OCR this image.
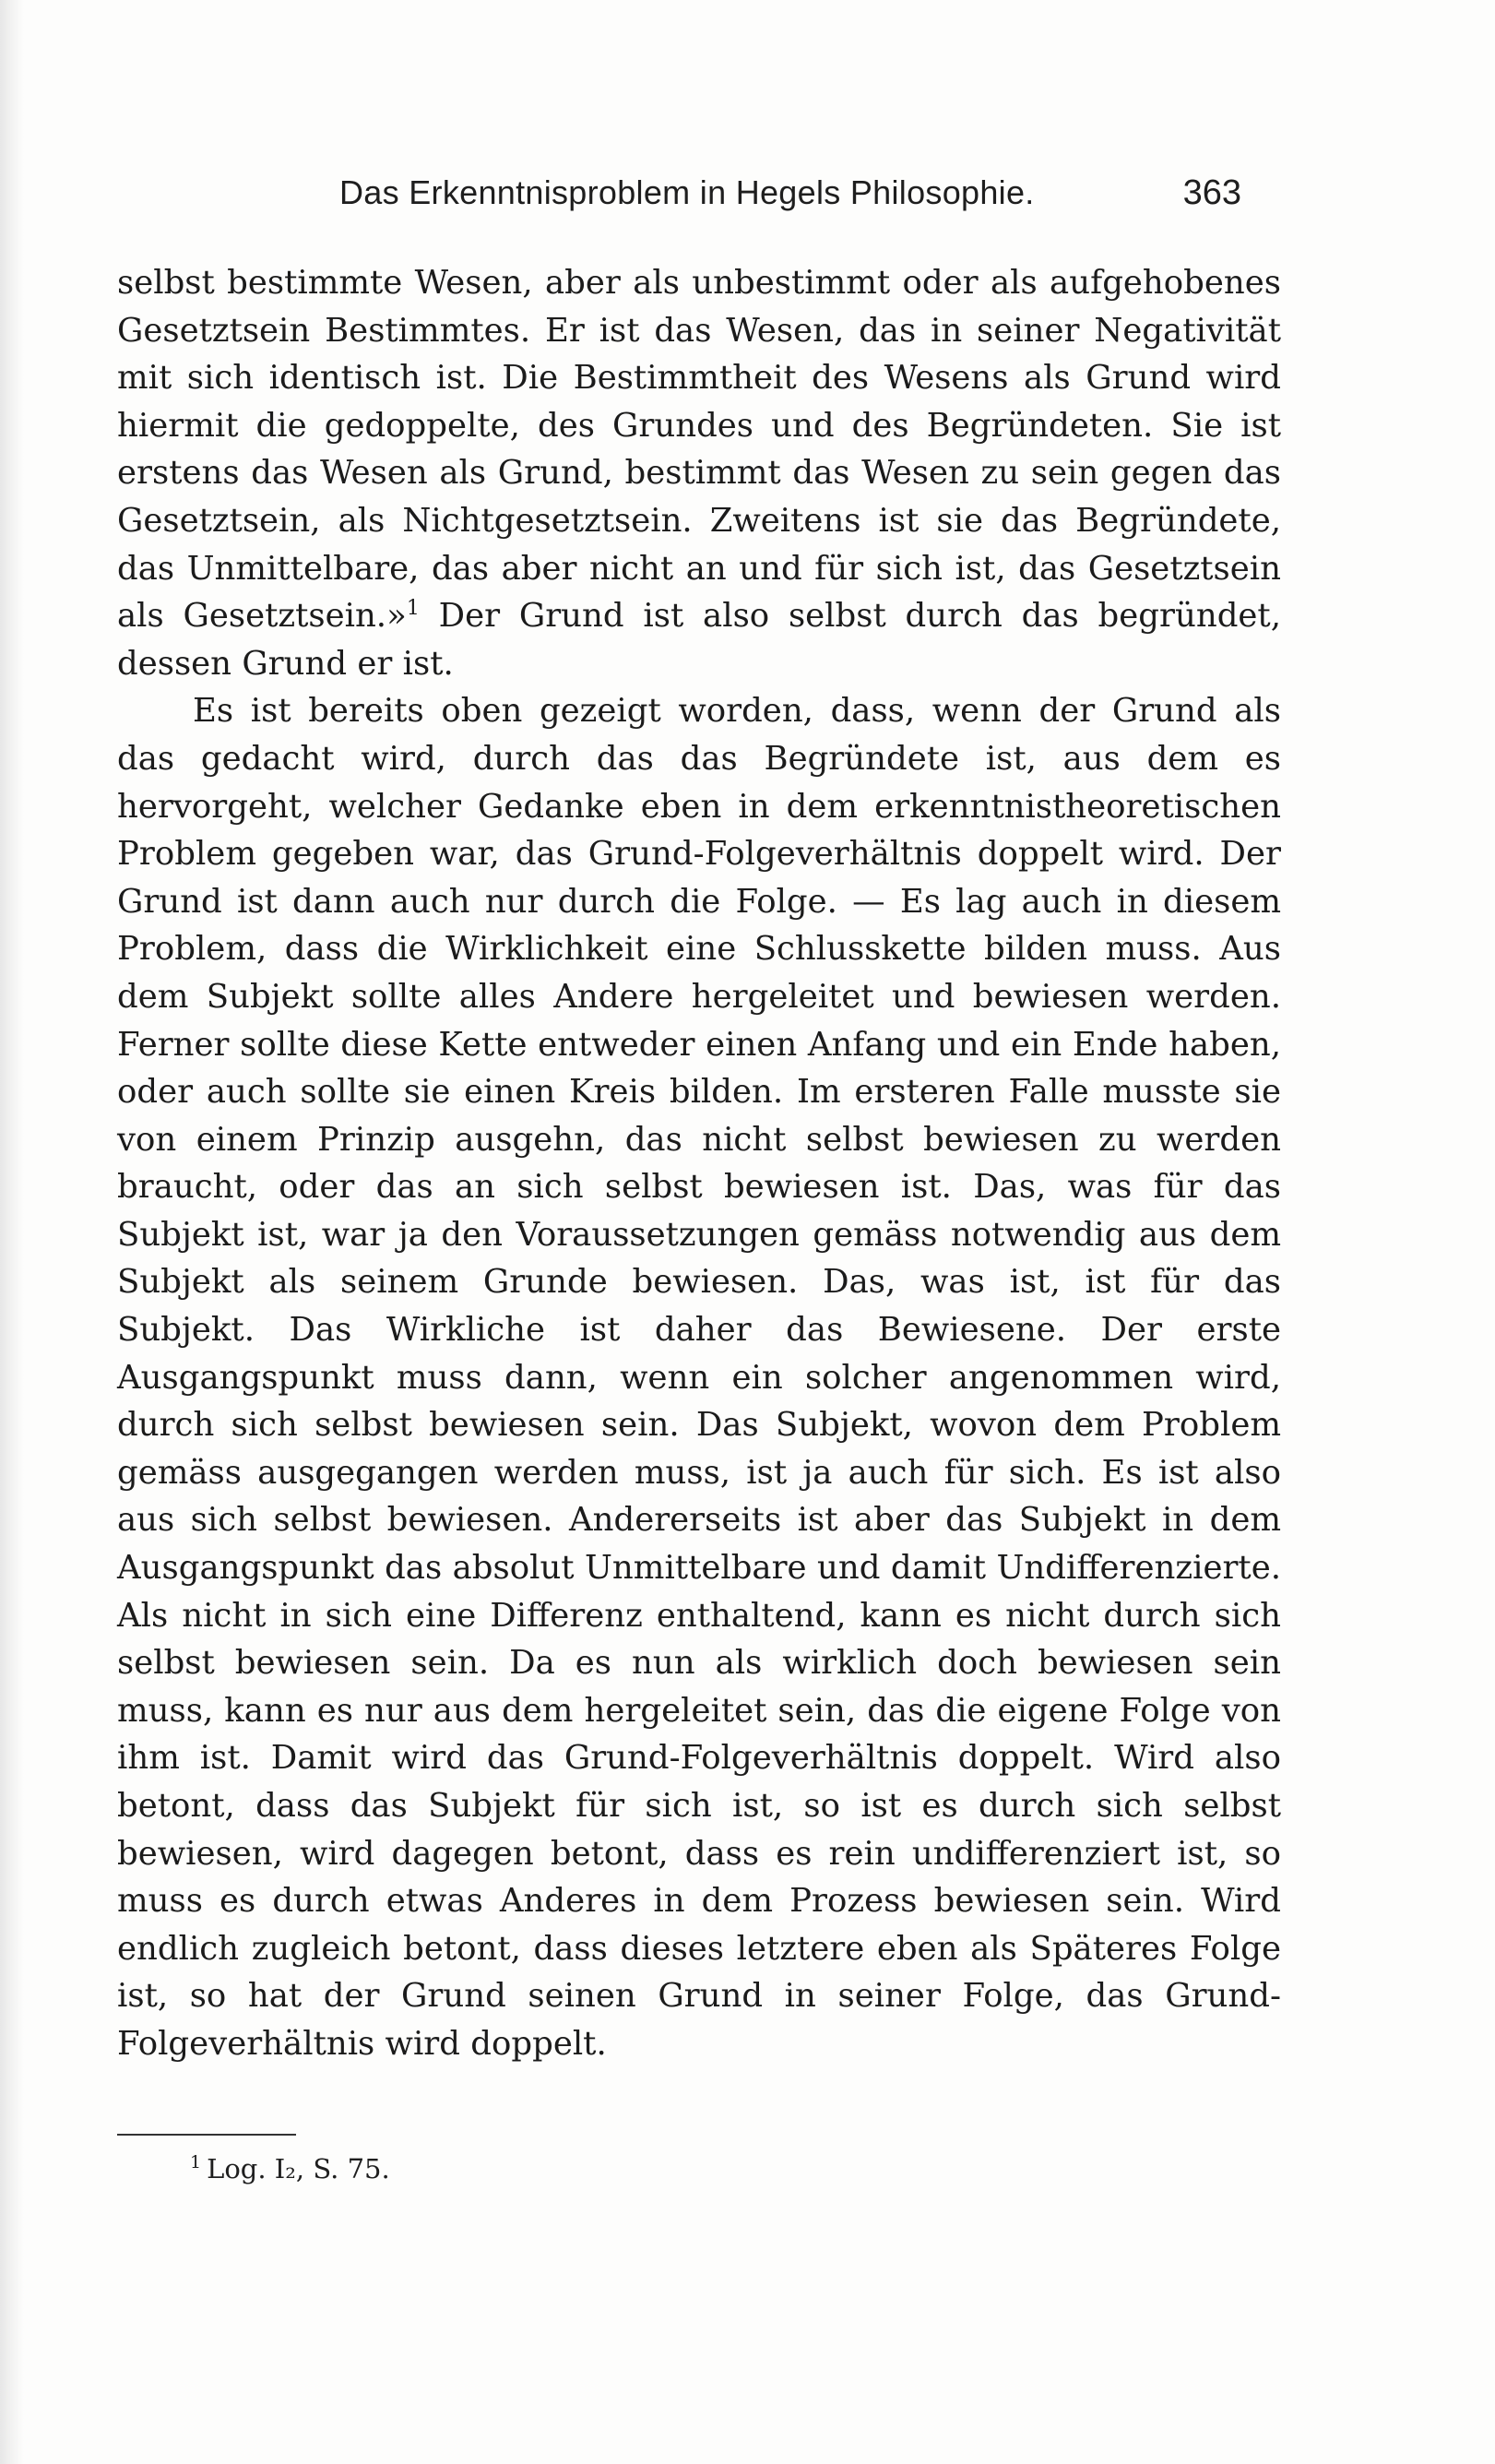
Das Erkenntnisproblem in Hegels Philosophie.	363

selbst bestimmte Wesen, aber als unbestimmt oder als aufgehobenes Gesetztsein Bestimmtes. Er ist das Wesen, das in seiner Negativität mit sich identisch ist. Die Bestimmtheit des Wesens als Grund wird hiermit die gedoppelte, des Grundes und des Begründeten. Sie ist erstens das Wesen als Grund, bestimmt das Wesen zu sein gegen das Gesetztsein, als Nichtgesetztsein. Zweitens ist sie das Begründete, das Unmittelbare, das aber nicht an und für sich ist, das Gesetztsein als Gesetztsein.»$^1$ Der Grund ist also selbst durch das begründet, dessen Grund er ist.

Es ist bereits oben gezeigt worden, dass, wenn der Grund als das gedacht wird, durch das das Begründete ist, aus dem es hervorgeht, welcher Gedanke eben in dem erkenntnistheoretischen Problem gegeben war, das Grund-Folgeverhältnis doppelt wird. Der Grund ist dann auch nur durch die Folge. — Es lag auch in diesem Problem, dass die Wirklichkeit eine Schlusskette bilden muss. Aus dem Subjekt sollte alles Andere hergeleitet und bewiesen werden. Ferner sollte diese Kette entweder einen Anfang und ein Ende haben, oder auch sollte sie einen Kreis bilden. Im ersteren Falle musste sie von einem Prinzip ausgehn, das nicht selbst bewiesen zu werden braucht, oder das an sich selbst bewiesen ist. Das, was für das Subjekt ist, war ja den Voraussetzungen gemäss notwendig aus dem Subjekt als seinem Grunde bewiesen. Das, was ist, ist für das Subjekt. Das Wirkliche ist daher das Bewiesene. Der erste Ausgangspunkt muss dann, wenn ein solcher angenommen wird, durch sich selbst bewiesen sein. Das Subjekt, wovon dem Problem gemäss ausgegangen werden muss, ist ja auch für sich. Es ist also aus sich selbst bewiesen. Andererseits ist aber das Subjekt in dem Ausgangspunkt das absolut Unmittelbare und damit Undifferenzierte. Als nicht in sich eine Differenz enthaltend, kann es nicht durch sich selbst bewiesen sein. Da es nun als wirklich doch bewiesen sein muss, kann es nur aus dem hergeleitet sein, das die eigene Folge von ihm ist. Damit wird das Grund-Folgeverhältnis doppelt. Wird also betont, dass das Subjekt für sich ist, so ist es durch sich selbst bewiesen, wird dagegen betont, dass es rein undifferenziert ist, so muss es durch etwas Anderes in dem Prozess bewiesen sein. Wird endlich zugleich betont, dass dieses letztere eben als Späteres Folge ist, so hat der Grund seinen Grund in seiner Folge, das Grund-Folgeverhältnis wird doppelt.

$^1$ Log. I₂, S. 75.
